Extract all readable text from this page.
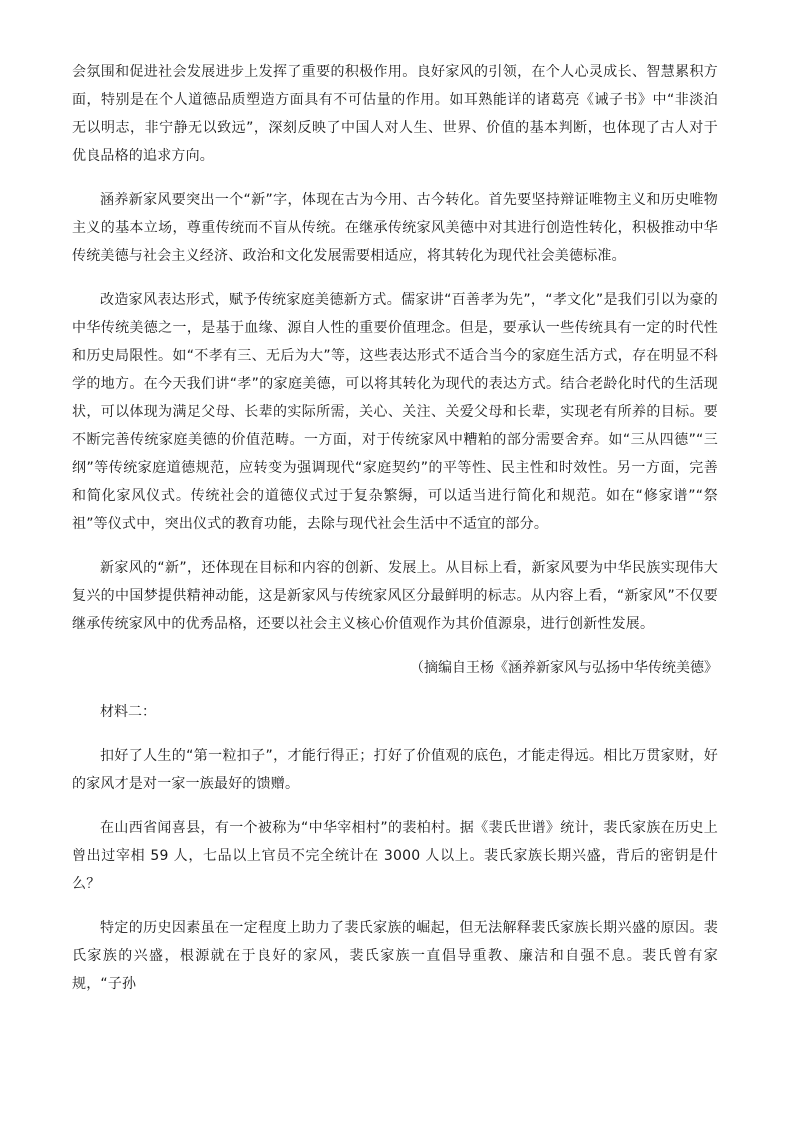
会氛围和促进社会发展进步上发挥了重要的积极作用。良好家风的引领，在个人心灵成长、智慧累积方面，特别是在个人道德品质塑造方面具有不可估量的作用。如耳熟能详的诸葛亮《诫子书》中“非淡泊无以明志，非宁静无以致远”，深刻反映了中国人对人生、世界、价值的基本判断，也体现了古人对于优良品格的追求方向。

涵养新家风要突出一个“新”字，体现在古为今用、古今转化。首先要坚持辩证唯物主义和历史唯物主义的基本立场，尊重传统而不盲从传统。在继承传统家风美德中对其进行创造性转化，积极推动中华传统美德与社会主义经济、政治和文化发展需要相适应，将其转化为现代社会美德标准。

改造家风表达形式，赋予传统家庭美德新方式。儒家讲“百善孝为先”，“孝文化”是我们引以为豪的中华传统美德之一，是基于血缘、源自人性的重要价值理念。但是，要承认一些传统具有一定的时代性和历史局限性。如“不孝有三、无后为大”等，这些表达形式不适合当今的家庭生活方式，存在明显不科学的地方。在今天我们讲“孝”的家庭美德，可以将其转化为现代的表达方式。结合老龄化时代的生活现状，可以体现为满足父母、长辈的实际所需，关心、关注、关爱父母和长辈，实现老有所养的目标。要不断完善传统家庭美德的价值范畴。一方面，对于传统家风中糟粕的部分需要舍弃。如“三从四德”“三纲”等传统家庭道德规范，应转变为强调现代“家庭契约”的平等性、民主性和时效性。另一方面，完善和简化家风仪式。传统社会的道德仪式过于复杂繁缛，可以适当进行简化和规范。如在“修家谱”“祭祖”等仪式中，突出仪式的教育功能，去除与现代社会生活中不适宜的部分。

新家风的“新”，还体现在目标和内容的创新、发展上。从目标上看，新家风要为中华民族实现伟大复兴的中国梦提供精神动能，这是新家风与传统家风区分最鲜明的标志。从内容上看，“新家风”不仅要继承传统家风中的优秀品格，还要以社会主义核心价值观作为其价值源泉，进行创新性发展。

（摘编自王杨《涵养新家风与弘扬中华传统美德》

材料二：

扣好了人生的“第一粒扣子”，才能行得正；打好了价值观的底色，才能走得远。相比万贯家财，好的家风才是对一家一族最好的馈赠。

在山西省闻喜县，有一个被称为“中华宰相村”的裴柏村。据《裴氏世谱》统计，裴氏家族在历史上曾出过宰相 59 人，七品以上官员不完全统计在 3000 人以上。裴氏家族长期兴盛，背后的密钥是什么？

特定的历史因素虽在一定程度上助力了裴氏家族的崛起，但无法解释裴氏家族长期兴盛的原因。裴氏家族的兴盛，根源就在于良好的家风，裴氏家族一直倡导重教、廉洁和自强不息。裴氏曾有家规，“子孙
